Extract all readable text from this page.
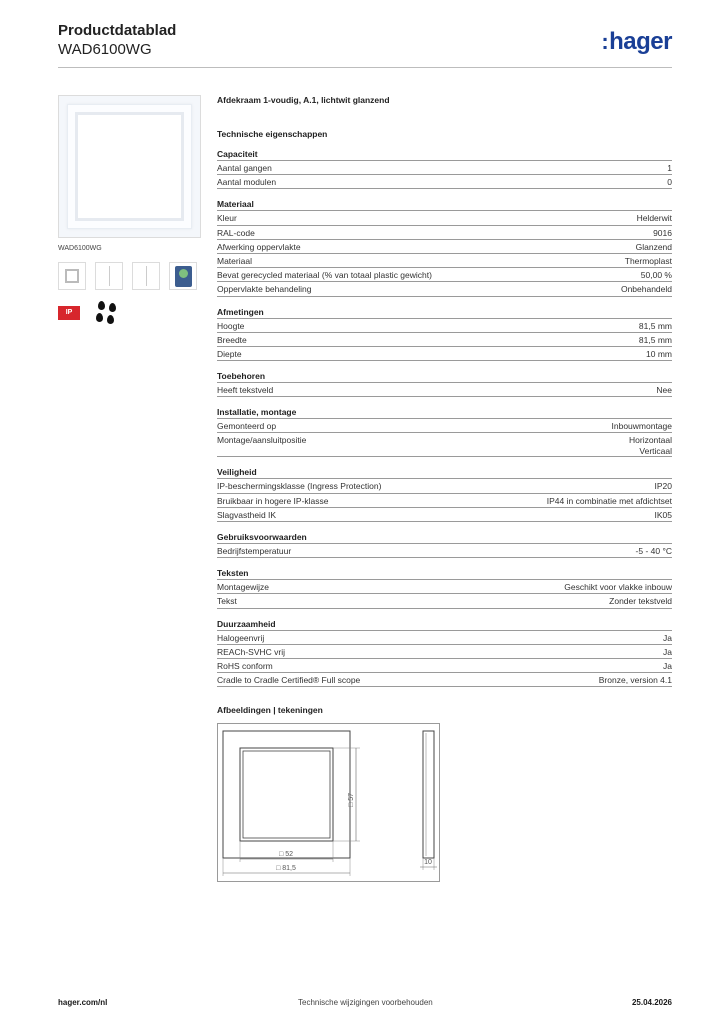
Productdatablad
WAD6100WG	:hager
WAD6100WG
IP
Afdekraam 1-voudig, A.1, lichtwit glanzend
Technische eigenschappen
Capaciteit
Aantal gangen	1
Aantal modulen	0
Materiaal
Kleur	Helderwit
RAL-code	9016
Afwerking oppervlakte	Glanzend
Materiaal	Thermoplast
Bevat gerecycled materiaal (% van totaal plastic gewicht)	50,00 %
Oppervlakte behandeling	Onbehandeld
Afmetingen
Hoogte	81,5 mm
Breedte	81,5 mm
Diepte	10 mm
Toebehoren
Heeft tekstveld	Nee
Installatie, montage
Gemonteerd op	Inbouwmontage
Montage/aansluitpositie	Horizontaal
Verticaal
Veiligheid
IP-beschermingsklasse (Ingress Protection)	IP20
Bruikbaar in hogere IP-klasse	IP44 in combinatie met afdichtset
Slagvastheid IK	IK05
Gebruiksvoorwaarden
Bedrijfstemperatuur	-5 - 40 °C
Teksten
Montagewijze	Geschikt voor vlakke inbouw
Tekst	Zonder tekstveld
Duurzaamheid
Halogeenvrij	Ja
REACh-SVHC vrij	Ja
RoHS conform	Ja
Cradle to Cradle Certified® Full scope	Bronze, version 4.1
Afbeeldingen | tekeningen
□ 57
□ 52
□ 81,5
10
hager.com/nl	Technische wijzigingen voorbehouden	25.04.2026
